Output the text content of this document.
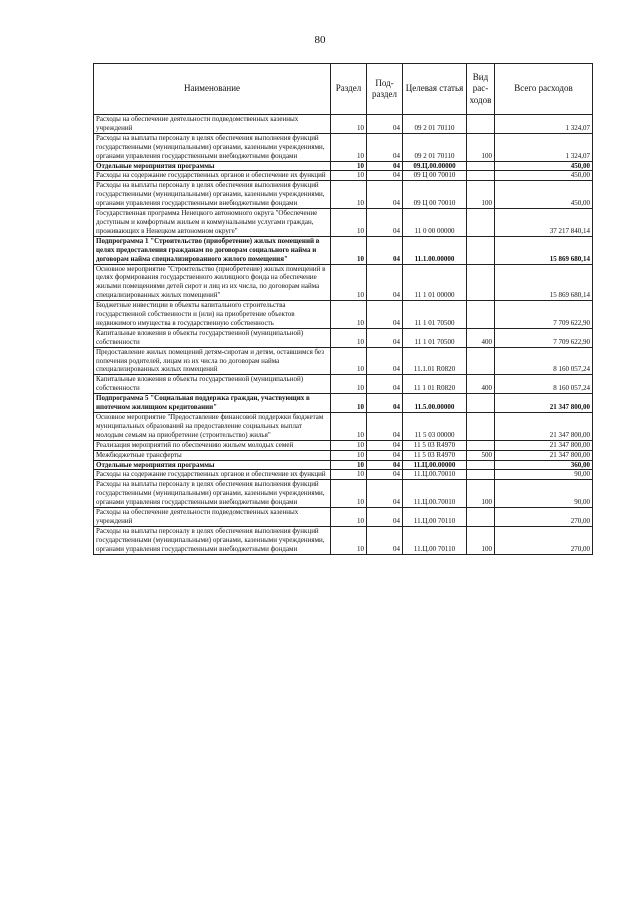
80
Наименование	Раздел	Под-раздел	Целевая статья	Вид рас-ходов	Всего расходов
Расходы на обеспечение деятельности подведомственных казенных учреждений	10	04	09 2 01 70110		1 324,07
Расходы на выплаты персоналу в целях обеспечения выполнения функций государственными (муниципальными) органами, казенными учреждениями, органами управления государственными внебюджетными фондами	10	04	09 2 01 70110	100	1 324,07
Отдельные мероприятия программы	10	04	09.Ц.00.00000		450,00
Расходы на содержание государственных органов и обеспечение их функций	10	04	09 Ц 00 70010		450,00
Расходы на выплаты персоналу в целях обеспечения выполнения функций государственными (муниципальными) органами, казенными учреждениями, органами управления государственными внебюджетными фондами	10	04	09 Ц 00 70010	100	450,00
Государственная программа Ненецкого автономного округа "Обеспечение доступным и комфортным жильем и коммунальными услугами граждан, проживающих в Ненецком автономном округе"	10	04	11 0 00 00000		37 217 840,14
Подпрограмма 1 "Строительство (приобретение) жилых помещений в целях предоставления гражданам по договорам социального найма и договорам найма специализированного жилого помещения"	10	04	11.1.00.00000		15 869 680,14
Основное мероприятие "Строительство (приобретение) жилых помещений в целях формирования государственного жилищного фонда на обеспечение жилыми помещениями детей сирот и лиц из их числа, по договорам найма специализированных жилых помещений"	10	04	11 1 01 00000		15 869 680,14
Бюджетные инвестиции в объекты капитального строительства государственной собственности и (или) на приобретение объектов недвижимого имущества в государственную собственность	10	04	11 1 01 70500		7 709 622,90
Капитальные вложения в объекты государственной (муниципальной) собственности	10	04	11 1 01 70500	400	7 709 622,90
Предоставление жилых помещений детям-сиротам и детям, оставшимся без попечения родителей, лицам из их числа по договорам найма специализированных жилых помещений	10	04	11.1.01 R0820		8 160 057,24
Капитальные вложения в объекты государственной (муниципальной) собственности	10	04	11 1 01 R0820	400	8 160 057,24
Подпрограмма 5 "Социальная поддержка граждан, участвующих в ипотечном жилищном кредитовании"	10	04	11.5.00.00000		21 347 800,00
Основное мероприятие "Предоставление финансовой поддержки бюджетам муниципальных образований на предоставление социальных выплат молодым семьям на приобретение (строительство) жилья"	10	04	11 5 03 00000		21 347 800,00
Реализация мероприятий по обеспечению жильем молодых семей	10	04	11 5 03 R4970		21 347 800,00
Межбюджетные трансферты	10	04	11 5 03 R4970	500	21 347 800,00
Отдельные мероприятия программы	10	04	11.Ц.00.00000		360,00
Расходы на содержание государственных органов и обеспечение их функций	10	04	11.Ц.00.70010		90,00
Расходы на выплаты персоналу в целях обеспечения выполнения функций государственными (муниципальными) органами, казенными учреждениями, органами управления государственными внебюджетными фондами	10	04	11.Ц.00.70010	100	90,00
Расходы на обеспечение деятельности подведомственных казенных учреждений	10	04	11.Ц.00 70110		270,00
Расходы на выплаты персоналу в целях обеспечения выполнения функций государственными (муниципальными) органами, казенными учреждениями, органами управления государственными внебюджетными фондами	10	04	11.Ц.00 70110	100	270,00
